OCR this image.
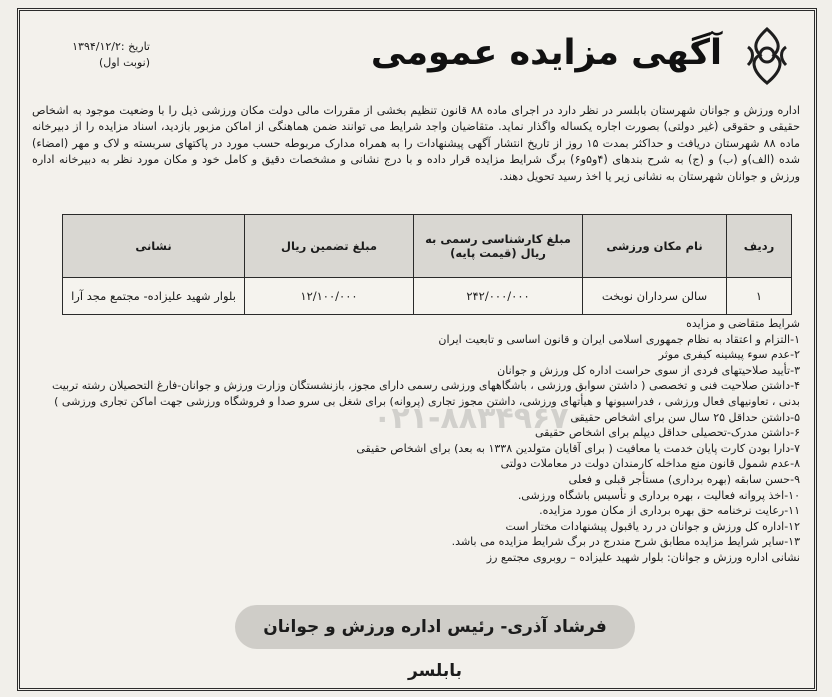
آگهی مزایده عمومی
تاریخ :۱۳۹۴/۱۲/۲
(نوبت اول)
اداره ورزش و جوانان شهرستان بابلسر در نظر دارد در اجرای ماده ۸۸ قانون تنظیم بخشی از مقررات مالی دولت مکان ورزشی ذیل را با وضعیت موجود به اشخاص حقیقی و حقوقی (غیر دولتی) بصورت اجاره یکساله واگذار نماید. متقاضیان واجد شرایط می توانند ضمن هماهنگی از اماکن مزبور بازدید، اسناد مزایده را از دبیرخانه ماده ۸۸ شهرستان دریافت و حداکثر بمدت ۱۵ روز از تاریخ انتشار آگهی پیشنهادات را به همراه مدارک مربوطه حسب مورد در پاکتهای سربسته و لاک و مهر (امضاء) شده (الف)و (ب) و (ج) به شرح بندهای (۴و۵و۶) برگ شرایط مزایده قرار داده و با درج نشانی و مشخصات دقیق و کامل خود و مکان مورد نظر به دبیرخانه اداره ورزش و جوانان شهرستان به نشانی زیر یا اخذ رسید تحویل دهند.
ردیف	نام مکان ورزشی	مبلغ کارشناسی رسمی به ریال (قیمت پایه)	مبلغ تضمین ریال	نشانی
۱	سالن سرداران نوبخت	۲۴۲/۰۰۰/۰۰۰	۱۲/۱۰۰/۰۰۰	بلوار شهید علیزاده- مجتمع مجد آرا
۰۲۱-۸۸۳۴۹۶۷۰
شرایط متقاضی و مزایده
۱-التزام و اعتقاد به نظام جمهوری اسلامی ایران و قانون اساسی و تابعیت ایران
۲-عدم سوء پیشینه کیفری موثر
۳-تأیید صلاحیتهای فردی از سوی حراست اداره کل ورزش و جوانان
۴-داشتن صلاحیت فنی و تخصصی ( داشتن سوابق ورزشی ، باشگاههای ورزشی رسمی دارای مجوز، بازنشستگان وزارت ورزش و جوانان-فارغ التحصیلان رشته تربیت بدنی ، تعاونیهای فعال ورزشی ، فدراسیونها و هیأتهای ورزشی، داشتن مجوز تجاری (پروانه) برای شغل بی سرو صدا و فروشگاه ورزشی جهت اماکن تجاری ورزشی )
۵-داشتن حداقل ۲۵ سال سن برای اشخاص حقیقی
۶-داشتن مدرک-تحصیلی حداقل دیپلم برای اشخاص حقیقی
۷-دارا بودن کارت پایان خدمت یا معافیت ( برای آقایان متولدین ۱۳۳۸ به بعد) برای اشخاص حقیقی
۸-عدم شمول قانون منع مداخله کارمندان دولت در معاملات دولتی
۹-حسن سابقه (بهره برداری) مستأجر قبلی و فعلی
۱۰-اخذ پروانه فعالیت ، بهره برداری و تأسیس باشگاه ورزشی.
۱۱-رعایت نرخنامه حق بهره برداری از مکان مورد مزایده.
۱۲-اداره کل ورزش و جوانان در رد یاقبول پیشنهادات مختار است
۱۳-سایر شرایط مزایده مطابق شرح مندرج در برگ شرایط مزایده می باشد.
نشانی اداره ورزش و جوانان: بلوار شهید علیزاده – روبروی مجتمع رز
فرشاد آذری- رئیس اداره ورزش و جوانان بابلسر
